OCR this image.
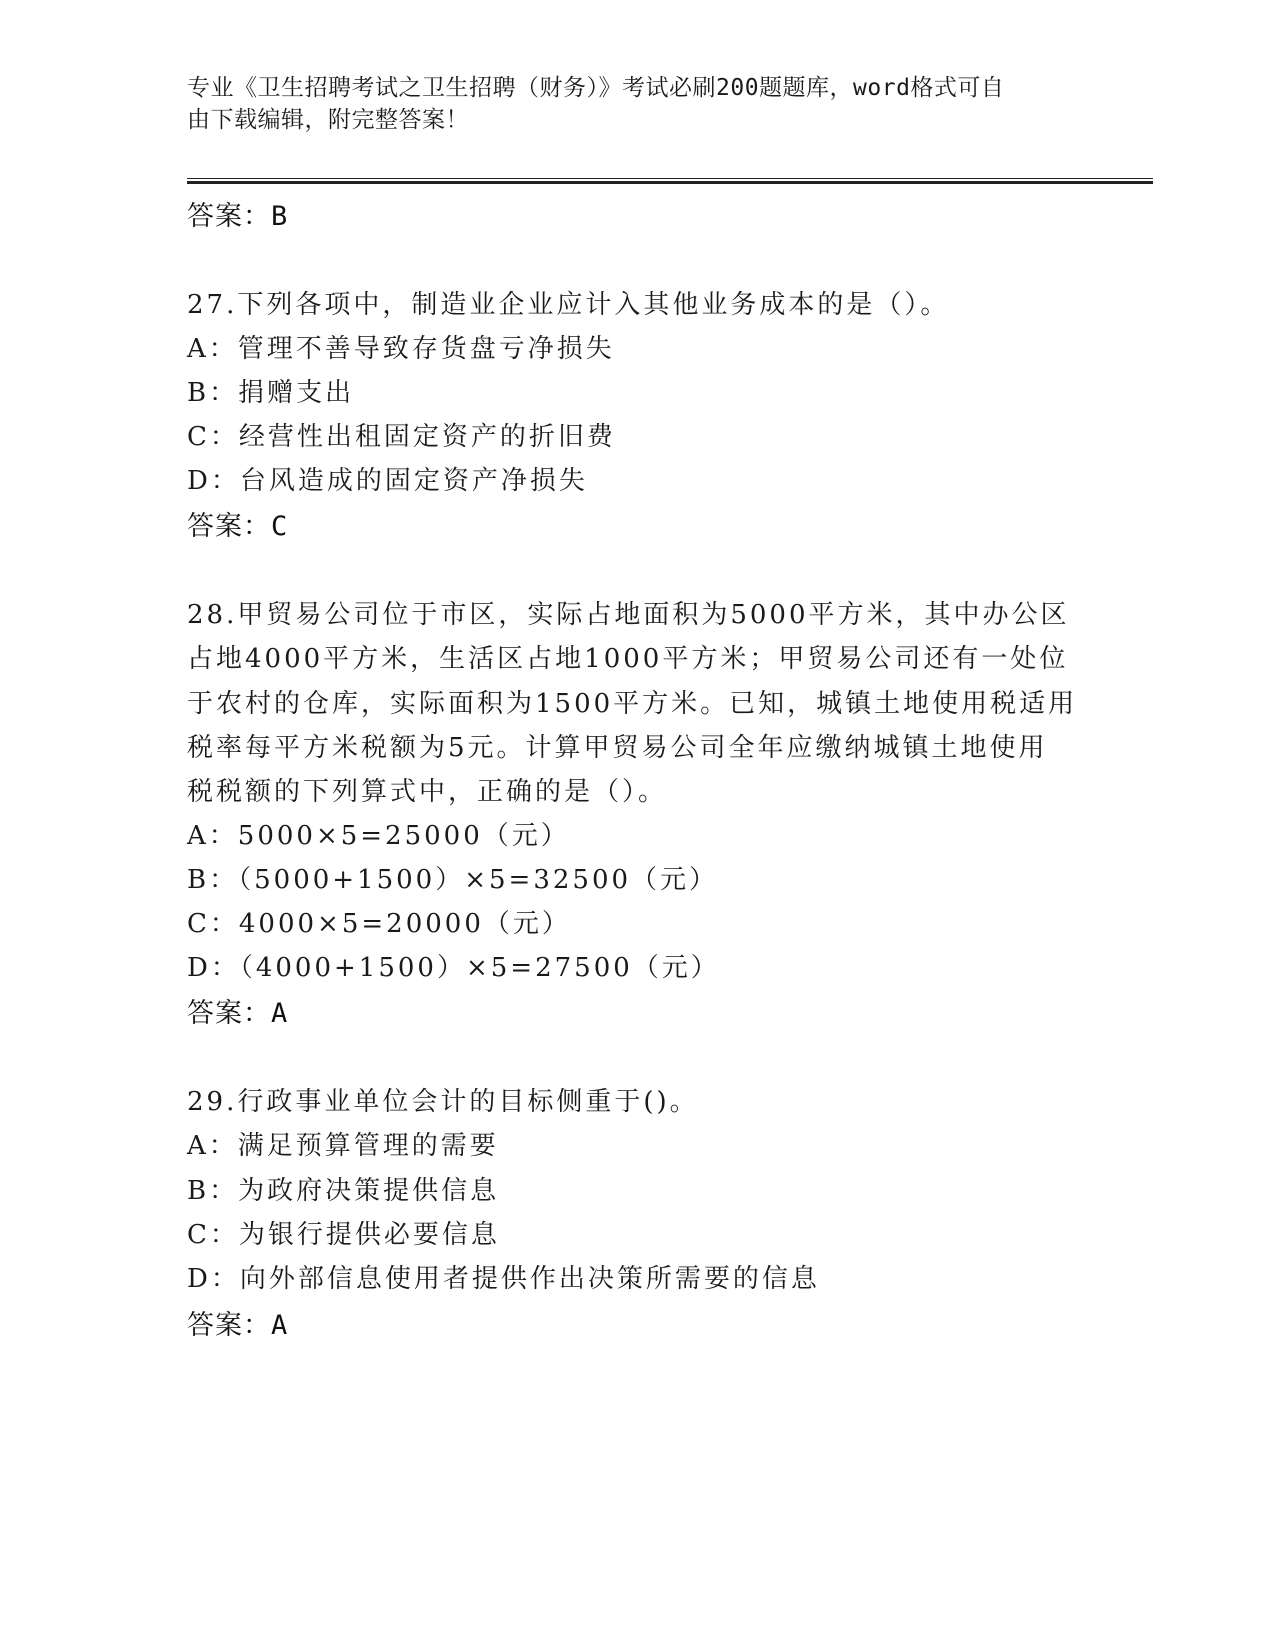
专业《卫生招聘考试之卫生招聘（财务）》考试必刷200题题库，word格式可自
由下载编辑，附完整答案！
答案：B
27.下列各项中，制造业企业应计入其他业务成本的是（）。
A：管理不善导致存货盘亏净损失
B：捐赠支出
C：经营性出租固定资产的折旧费
D：台风造成的固定资产净损失
答案：C
28.甲贸易公司位于市区，实际占地面积为5000平方米，其中办公区
占地4000平方米，生活区占地1000平方米；甲贸易公司还有一处位
于农村的仓库，实际面积为1500平方米。已知，城镇土地使用税适用
税率每平方米税额为5元。计算甲贸易公司全年应缴纳城镇土地使用
税税额的下列算式中，正确的是（）。
A：5000×5=25000（元）
B：（5000+1500）×5=32500（元）
C：4000×5=20000（元）
D：（4000+1500）×5=27500（元）
答案：A
29.行政事业单位会计的目标侧重于()。
A：满足预算管理的需要
B：为政府决策提供信息
C：为银行提供必要信息
D：向外部信息使用者提供作出决策所需要的信息
答案：A
